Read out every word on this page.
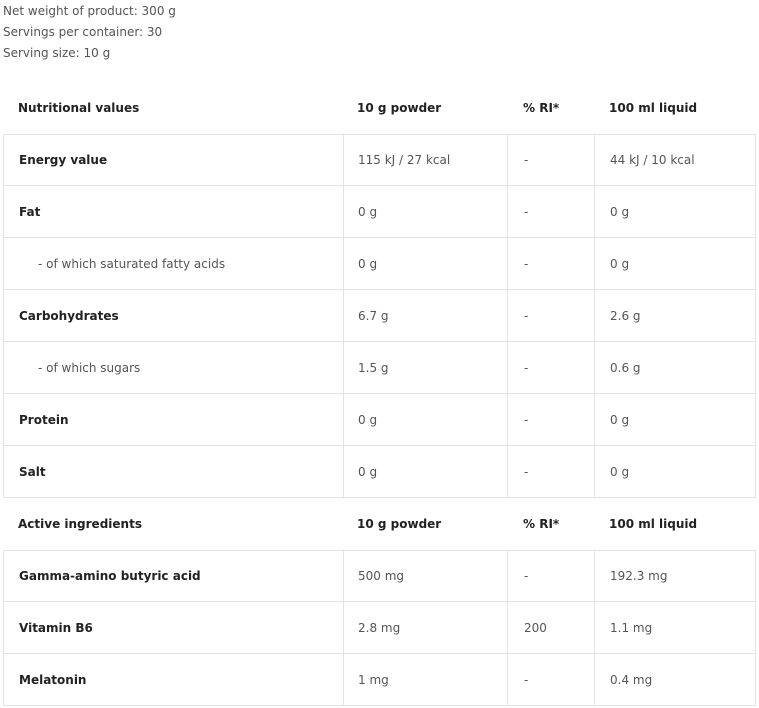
Net weight of product: 300 g
Servings per container: 30
Serving size: 10 g
Nutritional values	10 g powder	% RI*	100 ml liquid
Energy value	115 kJ / 27 kcal	-	44 kJ / 10 kcal
Fat	0 g	-	0 g
- of which saturated fatty acids	0 g	-	0 g
Carbohydrates	6.7 g	-	2.6 g
- of which sugars	1.5 g	-	0.6 g
Protein	0 g	-	0 g
Salt	0 g	-	0 g
Active ingredients	10 g powder	% RI*	100 ml liquid
Gamma-amino butyric acid	500 mg	-	192.3 mg
Vitamin B6	2.8 mg	200	1.1 mg
Melatonin	1 mg	-	0.4 mg
